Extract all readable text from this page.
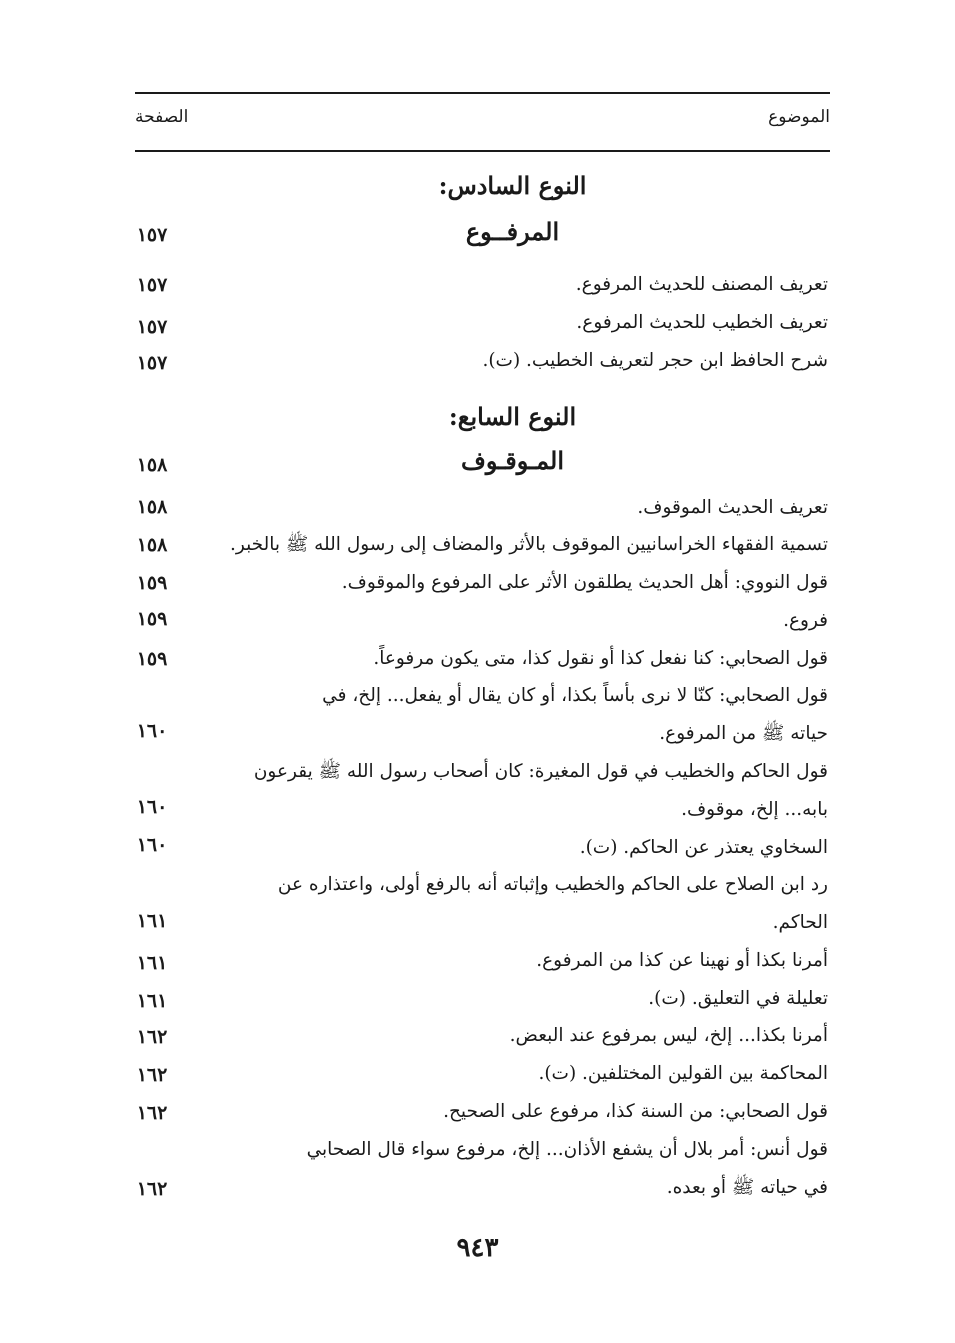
الموضوع
الصفحة
النوع السادس:
المرفــوع
١٥٧
تعريف المصنف للحديث المرفوع.
١٥٧
تعريف الخطيب للحديث المرفوع.
١٥٧
شرح الحافظ ابن حجر لتعريف الخطيب. (ت).
١٥٧
النوع السابع:
المـوقـوف
١٥٨
تعريف الحديث الموقوف.
١٥٨
تسمية الفقهاء الخراسانيين الموقوف بالأثر والمضاف إلى رسول الله ﷺ بالخبر.
١٥٨
قول النووي: أهل الحديث يطلقون الأثر على المرفوع والموقوف.
١٥٩
فروع.
١٥٩
قول الصحابي: كنا نفعل كذا أو نقول كذا، متى يكون مرفوعاً.
١٥٩
قول الصحابي: كنّا لا نرى بأساً بكذا، أو كان يقال أو يفعل... إلخ، في
حياته ﷺ من المرفوع.
١٦٠
قول الحاكم والخطيب في قول المغيرة: كان أصحاب رسول الله ﷺ يقرعون
بابه... إلخ، موقوف.
١٦٠
السخاوي يعتذر عن الحاكم. (ت).
١٦٠
رد ابن الصلاح على الحاكم والخطيب وإثباته أنه بالرفع أولى، واعتذاره عن
الحاكم.
١٦١
أمرنا بكذا أو نهينا عن كذا من المرفوع.
١٦١
تعليلة في التعليق. (ت).
١٦١
أمرنا بكذا... إلخ، ليس بمرفوع عند البعض.
١٦٢
المحاكمة بين القولين المختلفين. (ت).
١٦٢
قول الصحابي: من السنة كذا، مرفوع على الصحيح.
١٦٢
قول أنس: أمر بلال أن يشفع الأذان... إلخ، مرفوع سواء قال الصحابي
في حياته ﷺ أو بعده.
١٦٢
٩٤٣
